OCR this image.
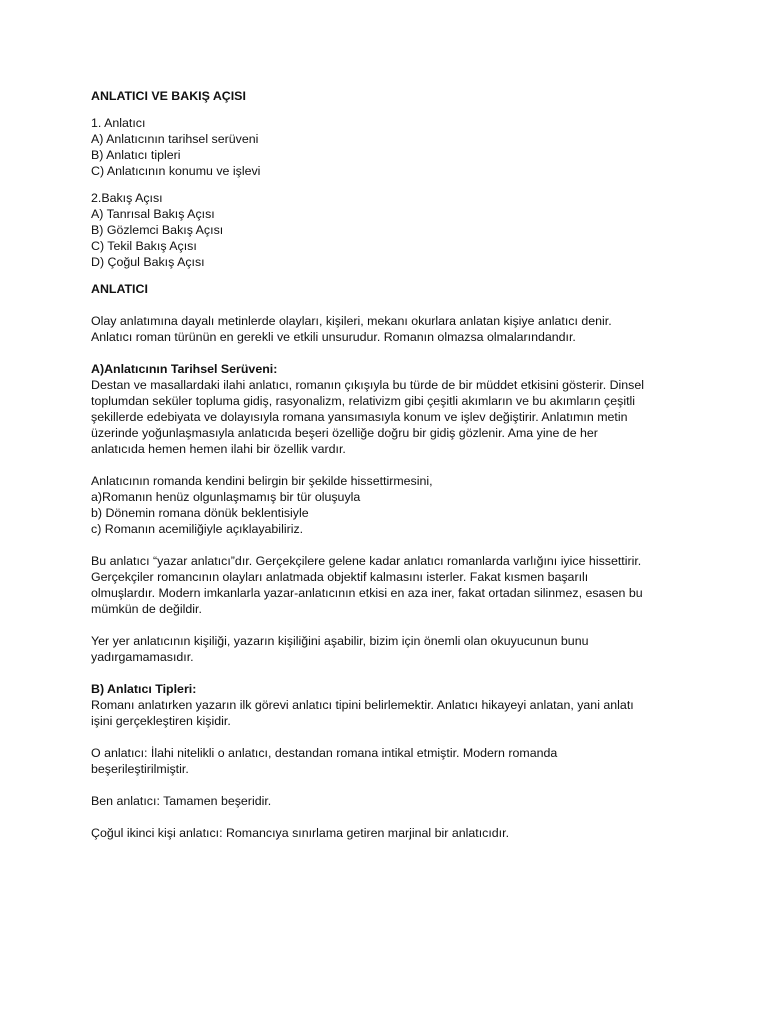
ANLATICI VE BAKIŞ AÇISI
1. Anlatıcı
A) Anlatıcının tarihsel serüveni
B) Anlatıcı tipleri
C) Anlatıcının konumu ve işlevi
2.Bakış Açısı
A) Tanrısal Bakış Açısı
B) Gözlemci Bakış Açısı
C) Tekil Bakış Açısı
D) Çoğul Bakış Açısı
ANLATICI
Olay anlatımına dayalı metinlerde olayları, kişileri, mekanı okurlara anlatan kişiye anlatıcı denir.
Anlatıcı roman türünün en gerekli ve etkili unsurudur. Romanın olmazsa olmalarındandır.
A)Anlatıcının Tarihsel Serüveni:
Destan ve masallardaki ilahi anlatıcı, romanın çıkışıyla bu türde de bir müddet etkisini gösterir. Dinsel
toplumdan seküler topluma gidiş, rasyonalizm, relativizm gibi çeşitli akımların ve bu akımların çeşitli
şekillerde edebiyata ve dolayısıyla romana yansımasıyla konum ve işlev değiştirir. Anlatımın metin
üzerinde yoğunlaşmasıyla anlatıcıda beşeri özelliğe doğru bir gidiş gözlenir. Ama yine de her
anlatıcıda hemen hemen ilahi bir özellik vardır.
Anlatıcının romanda kendini belirgin bir şekilde hissettirmesini,
a)Romanın henüz olgunlaşmamış bir tür oluşuyla
b) Dönemin romana dönük beklentisiyle
c) Romanın acemiliğiyle açıklayabiliriz.
Bu anlatıcı “yazar anlatıcı”dır. Gerçekçilere gelene kadar anlatıcı romanlarda varlığını iyice hissettirir.
Gerçekçiler romancının olayları anlatmada objektif kalmasını isterler. Fakat kısmen başarılı
olmuşlardır. Modern imkanlarla yazar-anlatıcının etkisi en aza iner, fakat ortadan silinmez, esasen bu
mümkün de değildir.
Yer yer anlatıcının kişiliği, yazarın kişiliğini aşabilir, bizim için önemli olan okuyucunun bunu
yadırgamamasıdır.
B) Anlatıcı Tipleri:
Romanı anlatırken yazarın ilk görevi anlatıcı tipini belirlemektir. Anlatıcı hikayeyi anlatan, yani anlatı
işini gerçekleştiren kişidir.
O anlatıcı: İlahi nitelikli o anlatıcı, destandan romana intikal etmiştir. Modern romanda
beşerileştirilmiştir.
Ben anlatıcı: Tamamen beşeridir.
Çoğul ikinci kişi anlatıcı: Romancıya sınırlama getiren marjinal bir anlatıcıdır.
